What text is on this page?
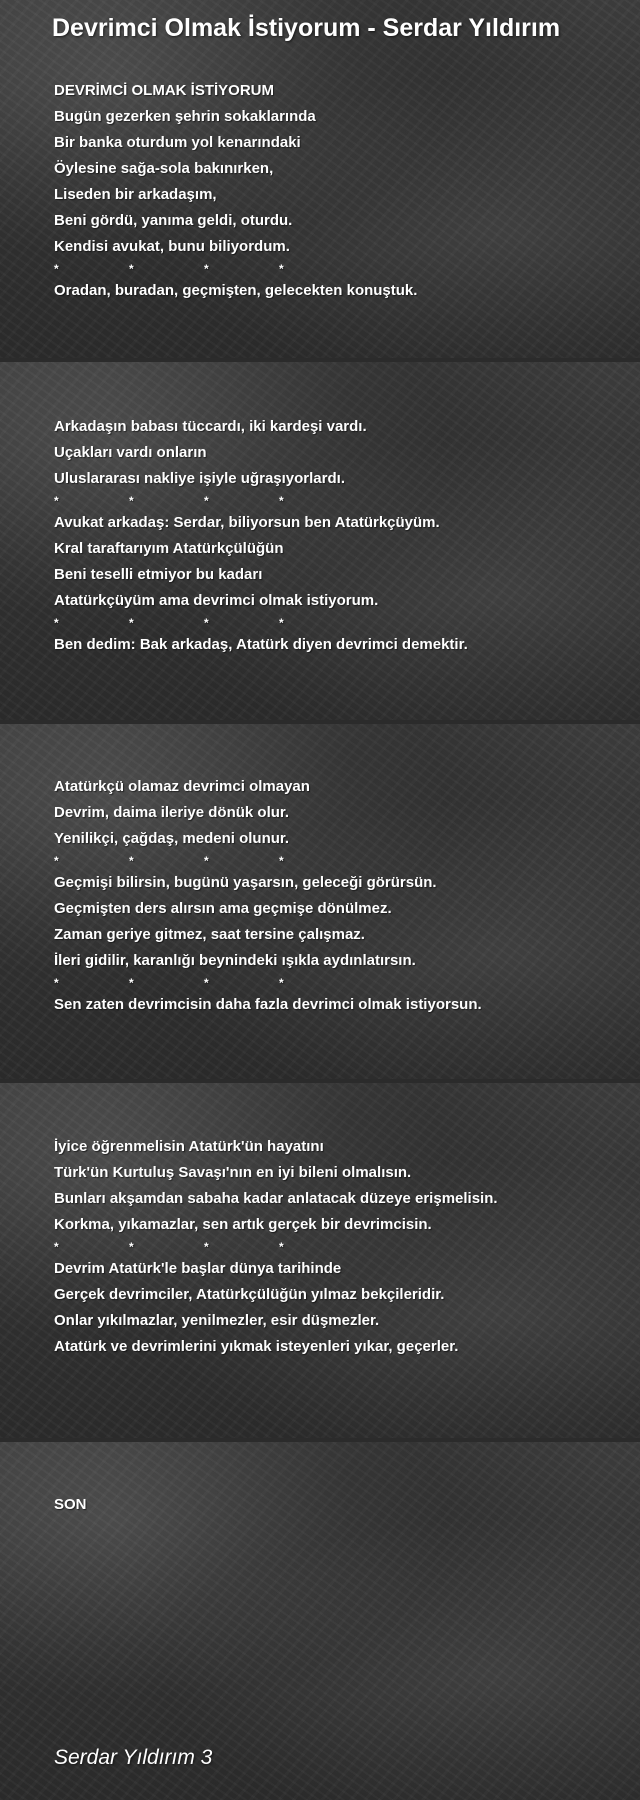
Devrimci Olmak İstiyorum - Serdar Yıldırım
DEVRİMCİ OLMAK İSTİYORUM
Bugün gezerken şehrin sokaklarında
Bir banka oturdum yol kenarındaki
Öylesine sağa-sola bakınırken,
Liseden bir arkadaşım,
Beni gördü, yanıma geldi, oturdu.
Kendisi avukat, bunu biliyordum.
*	*	*	*
Oradan, buradan, geçmişten, gelecekten konuştuk.
Arkadaşın babası tüccardı, iki kardeşi vardı.
Uçakları vardı onların
Uluslararası nakliye işiyle uğraşıyorlardı.
*	*	*	*
Avukat arkadaş: Serdar, biliyorsun ben Atatürkçüyüm.
Kral taraftarıyım Atatürkçülüğün
Beni teselli etmiyor bu kadarı
Atatürkçüyüm ama devrimci olmak istiyorum.
*	*	*	*
Ben dedim: Bak arkadaş, Atatürk diyen devrimci demektir.
Atatürkçü olamaz devrimci olmayan
Devrim, daima ileriye dönük olur.
Yenilikçi, çağdaş, medeni olunur.
*	*	*	*
Geçmişi bilirsin, bugünü yaşarsın, geleceği görürsün.
Geçmişten ders alırsın ama geçmişe dönülmez.
Zaman geriye gitmez, saat tersine çalışmaz.
İleri gidilir, karanlığı beynindeki ışıkla aydınlatırsın.
*	*	*	*
Sen zaten devrimcisin daha fazla devrimci olmak istiyorsun.
İyice öğrenmelisin Atatürk'ün hayatını
Türk'ün Kurtuluş Savaşı'nın en iyi bileni olmalısın.
Bunları akşamdan sabaha kadar anlatacak düzeye erişmelisin.
Korkma, yıkamazlar, sen artık gerçek bir devrimcisin.
*	*	*	*
Devrim Atatürk'le başlar dünya tarihinde
Gerçek devrimciler, Atatürkçülüğün yılmaz bekçileridir.
Onlar yıkılmazlar, yenilmezler, esir düşmezler.
Atatürk ve devrimlerini yıkmak isteyenleri yıkar, geçerler.
SON

Serdar Yıldırım 3
